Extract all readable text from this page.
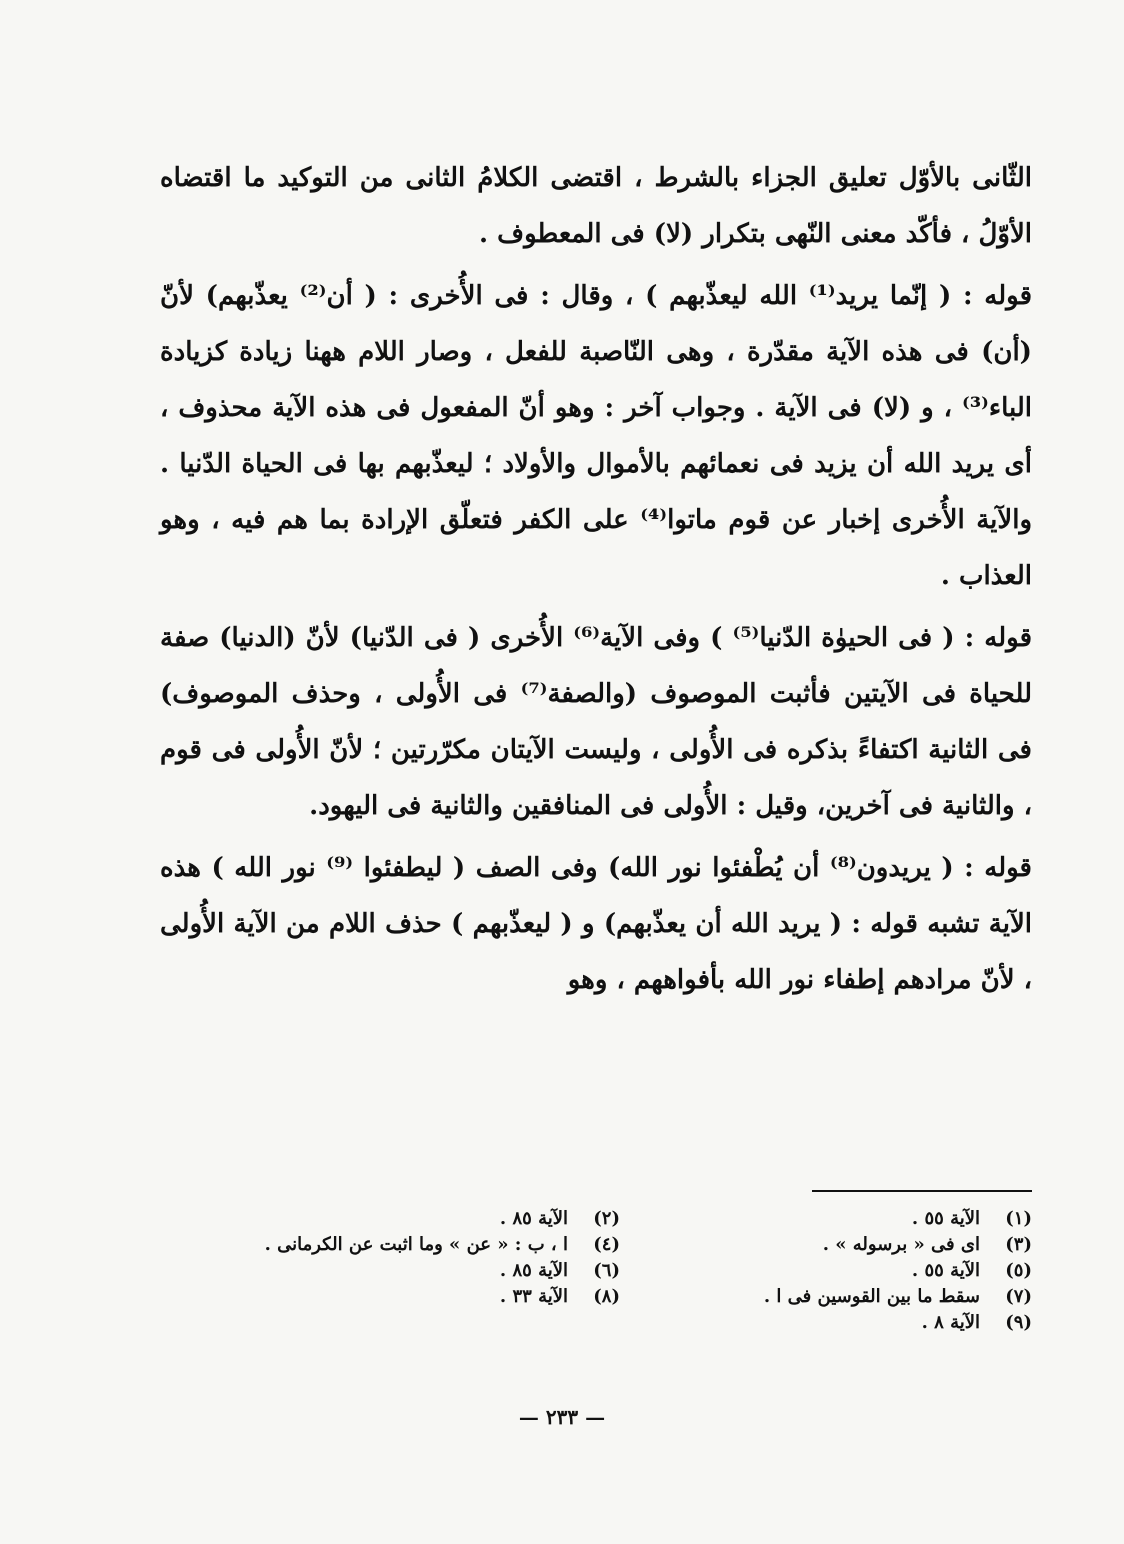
الثّانى بالأوّل تعليق الجزاء بالشرط ، اقتضى الكلامُ الثانى من التوكيد ما اقتضاه الأوّلُ ، فأكّد معنى النّهى بتكرار (لا) فى المعطوف .

قوله : ( إنّما يريد⁽¹⁾ الله ليعذّبهم ) ، وقال : فى الأُخرى : ( أن⁽²⁾ يعذّبهم) لأنّ (أن) فى هذه الآية مقدّرة ، وهى النّاصبة للفعل ، وصار اللام ههنا زيادة كزيادة الباء⁽³⁾ ، و (لا) فى الآية . وجواب آخر : وهو أنّ المفعول فى هذه الآية محذوف ، أى يريد الله أن يزيد فى نعمائهم بالأموال والأولاد ؛ ليعذّبهم بها فى الحياة الدّنيا . والآية الأُخرى إخبار عن قوم ماتوا⁽⁴⁾ على الكفر فتعلّق الإرادة بما هم فيه ، وهو العذاب .

قوله : ( فى الحيوٰة الدّنيا⁽⁵⁾ ) وفى الآية⁽⁶⁾ الأُخرى ( فى الدّنيا) لأنّ (الدنيا) صفة للحياة فى الآيتين فأثبت الموصوف (والصفة⁽⁷⁾ فى الأُولى ، وحذف الموصوف) فى الثانية اكتفاءً بذكره فى الأُولى ، وليست الآيتان مكرّرتين ؛ لأنّ الأُولى فى قوم ، والثانية فى آخرين، وقيل : الأُولى فى المنافقين والثانية فى اليهود.

قوله : ( يريدون⁽⁸⁾ أن يُطْفئوا نور الله) وفى الصف ( ليطفئوا ⁽⁹⁾ نور الله ) هذه الآية تشبه قوله : ( يريد الله أن يعذّبهم) و ( ليعذّبهم ) حذف اللام من الآية الأُولى ، لأنّ مرادهم إطفاء نور الله بأفواههم ، وهو

(١)
الآية ٥٥ .
(٢)
الآية ٨٥ .
(٣)
اى فى « برسوله » .
(٤)
ا ، ب : « عن » وما اثبت عن الكرمانى .
(٥)
الآية ٥٥ .
(٦)
الآية ٨٥ .
(٧)
سقط ما بين القوسين فى ا .
(٨)
الآية ٣٣ .
(٩)
الآية ٨ .
— ٢٣٣ —
